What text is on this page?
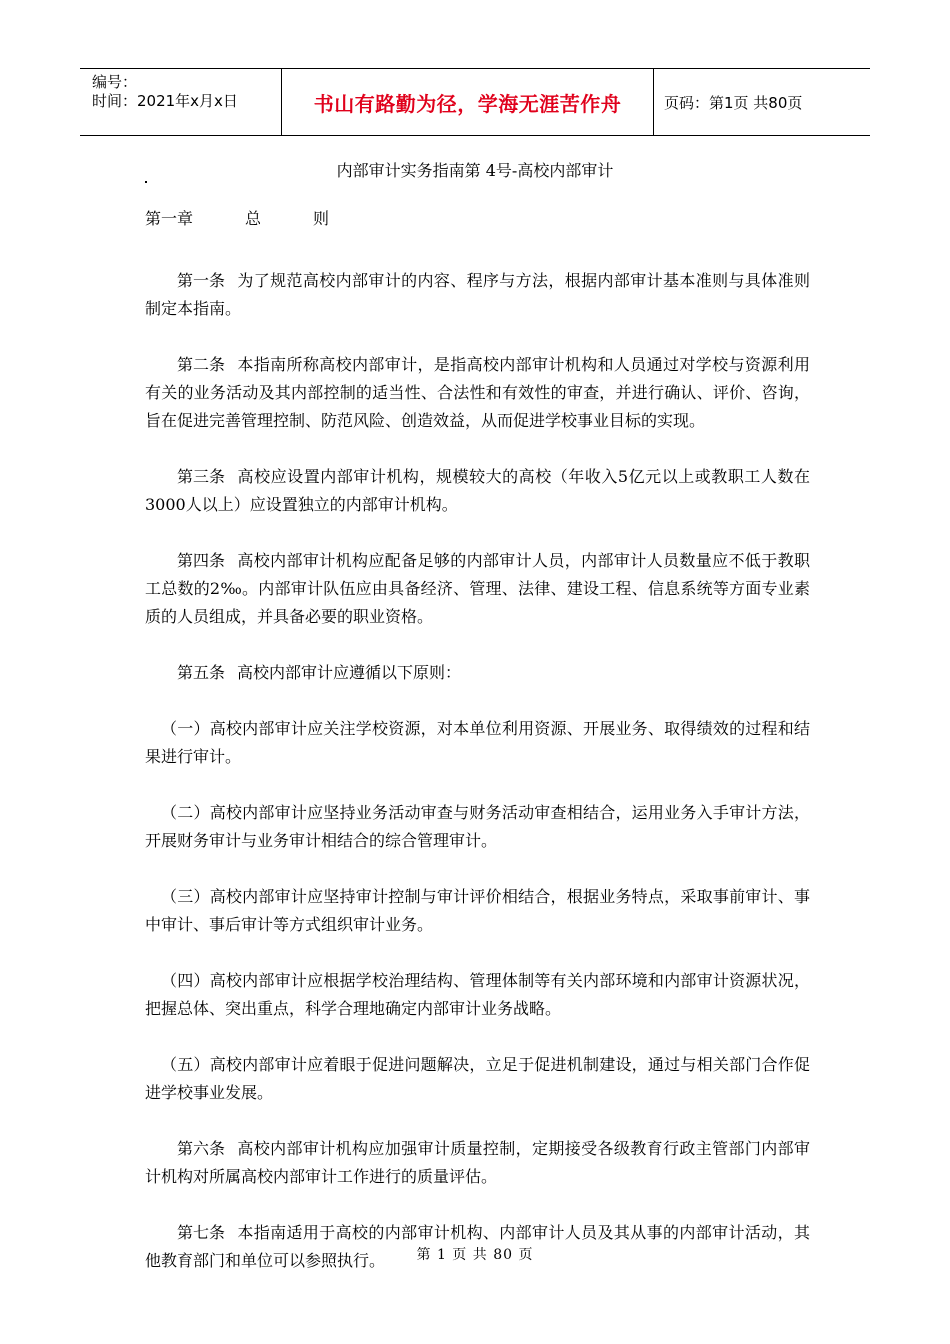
编号：
时间：2021年x月x日	书山有路勤为径，学海无涯苦作舟	页码：第1页 共80页
内部审计实务指南第 4号-高校内部审计

第一章	总	则

第一条 为了规范高校内部审计的内容、程序与方法，根据内部审计基本准则与具体准则制定本指南。

第二条 本指南所称高校内部审计，是指高校内部审计机构和人员通过对学校与资源利用有关的业务活动及其内部控制的适当性、合法性和有效性的审查，并进行确认、评价、咨询，旨在促进完善管理控制、防范风险、创造效益，从而促进学校事业目标的实现。

第三条 高校应设置内部审计机构，规模较大的高校（年收入5亿元以上或教职工人数在3000人以上）应设置独立的内部审计机构。

第四条 高校内部审计机构应配备足够的内部审计人员，内部审计人员数量应不低于教职工总数的2‰。内部审计队伍应由具备经济、管理、法律、建设工程、信息系统等方面专业素质的人员组成，并具备必要的职业资格。

第五条 高校内部审计应遵循以下原则：

（一）高校内部审计应关注学校资源，对本单位利用资源、开展业务、取得绩效的过程和结果进行审计。

（二）高校内部审计应坚持业务活动审查与财务活动审查相结合，运用业务入手审计方法，开展财务审计与业务审计相结合的综合管理审计。

（三）高校内部审计应坚持审计控制与审计评价相结合，根据业务特点，采取事前审计、事中审计、事后审计等方式组织审计业务。

（四）高校内部审计应根据学校治理结构、管理体制等有关内部环境和内部审计资源状况，把握总体、突出重点，科学合理地确定内部审计业务战略。

（五）高校内部审计应着眼于促进问题解决，立足于促进机制建设，通过与相关部门合作促进学校事业发展。

第六条 高校内部审计机构应加强审计质量控制，定期接受各级教育行政主管部门内部审计机构对所属高校内部审计工作进行的质量评估。

第七条 本指南适用于高校的内部审计机构、内部审计人员及其从事的内部审计活动，其他教育部门和单位可以参照执行。	第 1 页 共 80 页
